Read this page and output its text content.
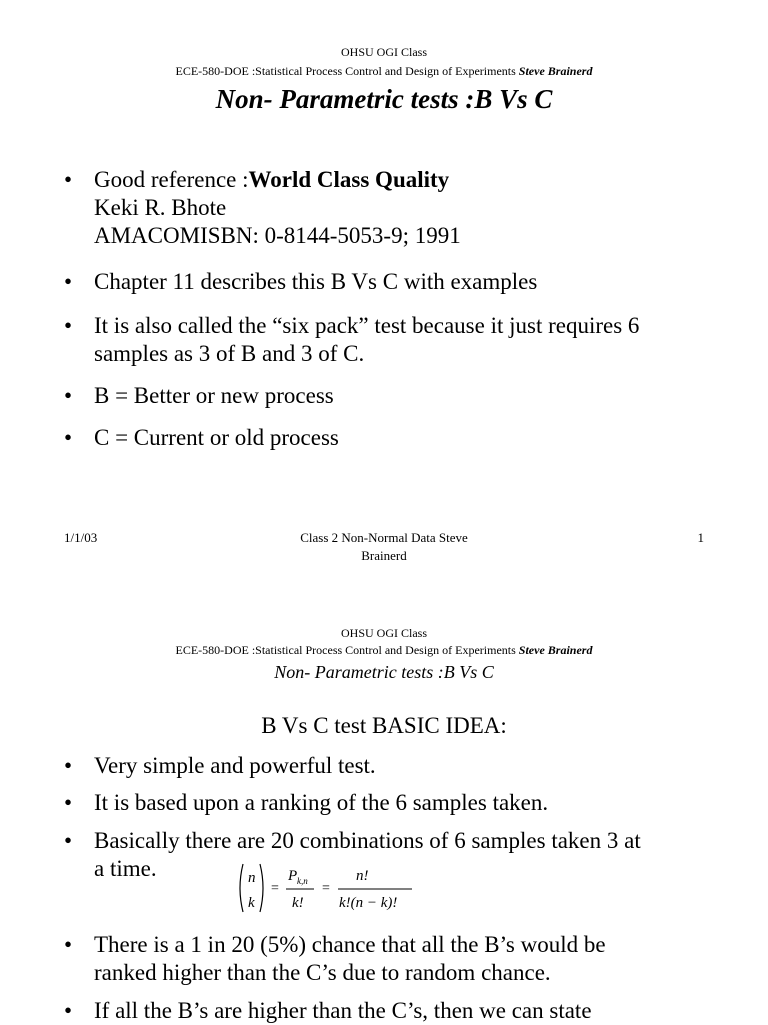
OHSU OGI Class
ECE-580-DOE :Statistical Process Control and Design of Experiments Steve Brainerd
Non- Parametric tests :B Vs C
• Good reference :World Class Quality
Keki R. Bhote
AMACOMISBN: 0-8144-5053-9; 1991
• Chapter 11 describes this B Vs C with examples
• It is also called the “six pack” test because it just requires 6
samples as 3 of B and 3 of C.
• B = Better or new process
• C = Current or old process
1/1/03	Class 2 Non-Normal Data Steve
Brainerd
1
OHSU OGI Class
ECE-580-DOE :Statistical Process Control and Design of Experiments Steve Brainerd
Non- Parametric tests :B Vs C
B Vs C test BASIC IDEA:
• Very simple and powerful test.
• It is based upon a ranking of the 6 samples taken.
• Basically there are 20 combinations of 6 samples taken 3 at
a time.	n
k
=
P k,n
k!
=
n!
k!(n − k)!
• There is a 1 in 20 (5%) chance that all the B’s would be
ranked higher than the C’s due to random chance.
• If all the B’s are higher than the C’s, then we can state
